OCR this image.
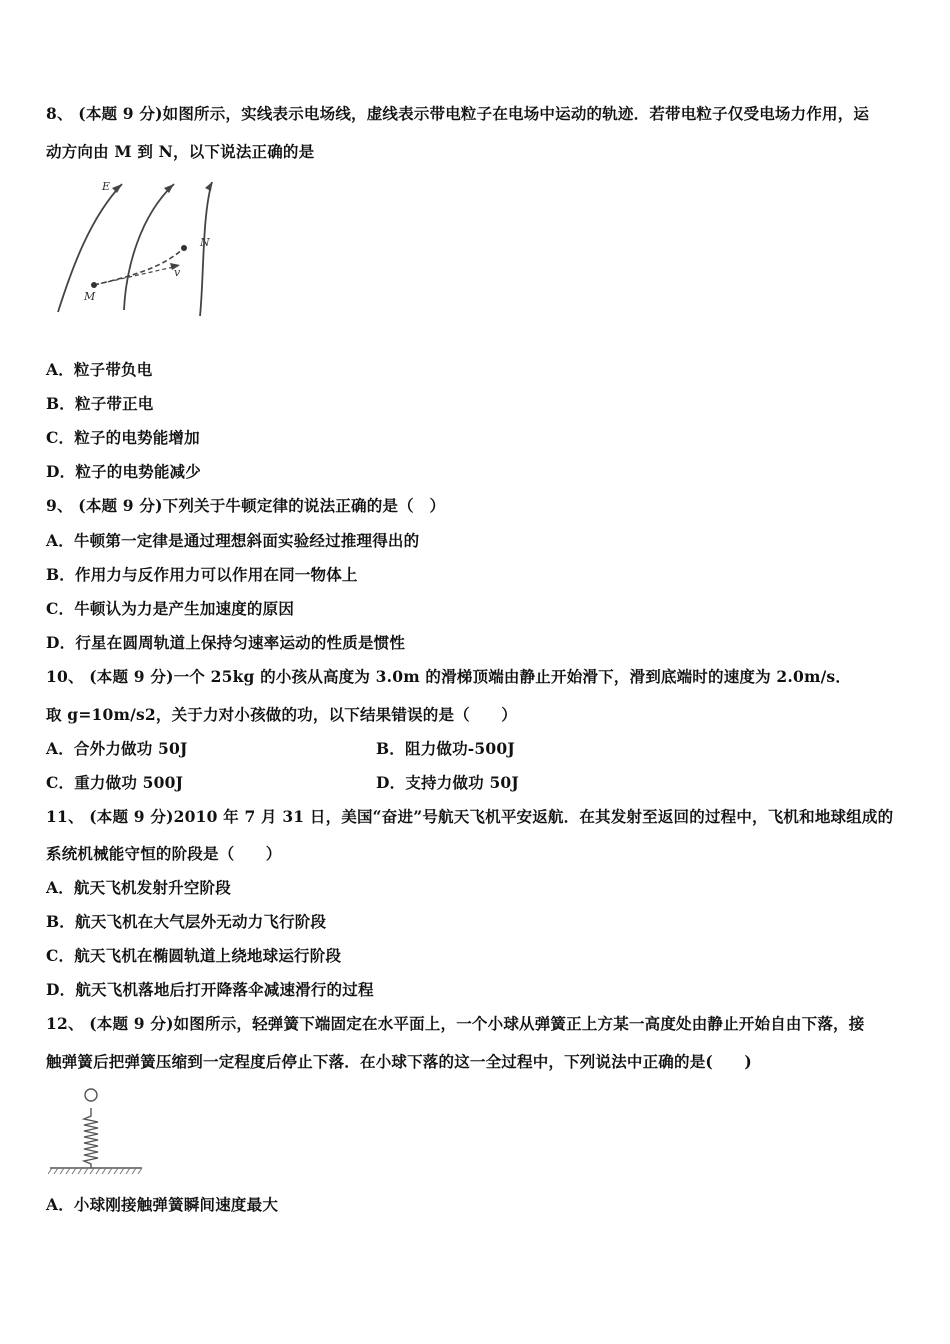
8、 (本题 9 分)如图所示，实线表示电场线，虚线表示带电粒子在电场中运动的轨迹．若带电粒子仅受电场力作用，运
动方向由 M 到 N，以下说法正确的是
E
N
M
v
A．粒子带负电
B．粒子带正电
C．粒子的电势能增加
D．粒子的电势能减少
9、 (本题 9 分)下列关于牛顿定律的说法正确的是（　）
A．牛顿第一定律是通过理想斜面实验经过推理得出的
B．作用力与反作用力可以作用在同一物体上
C．牛顿认为力是产生加速度的原因
D．行星在圆周轨道上保持匀速率运动的性质是惯性
10、 (本题 9 分)一个 25kg 的小孩从高度为 3.0m 的滑梯顶端由静止开始滑下，滑到底端时的速度为 2.0m/s．
取 g=10m/s2，关于力对小孩做的功，以下结果错误的是（　　）
A．合外力做功 50J	B．阻力做功-500J
C．重力做功 500J	D．支持力做功 50J
11、 (本题 9 分)2010 年 7 月 31 日，美国“奋进”号航天飞机平安返航．在其发射至返回的过程中，飞机和地球组成的
系统机械能守恒的阶段是（　　）
A．航天飞机发射升空阶段
B．航天飞机在大气层外无动力飞行阶段
C．航天飞机在椭圆轨道上绕地球运行阶段
D．航天飞机落地后打开降落伞减速滑行的过程
12、 (本题 9 分)如图所示，轻弹簧下端固定在水平面上，一个小球从弹簧正上方某一高度处由静止开始自由下落，接
触弹簧后把弹簧压缩到一定程度后停止下落．在小球下落的这一全过程中，下列说法中正确的是(　　)
A．小球刚接触弹簧瞬间速度最大
